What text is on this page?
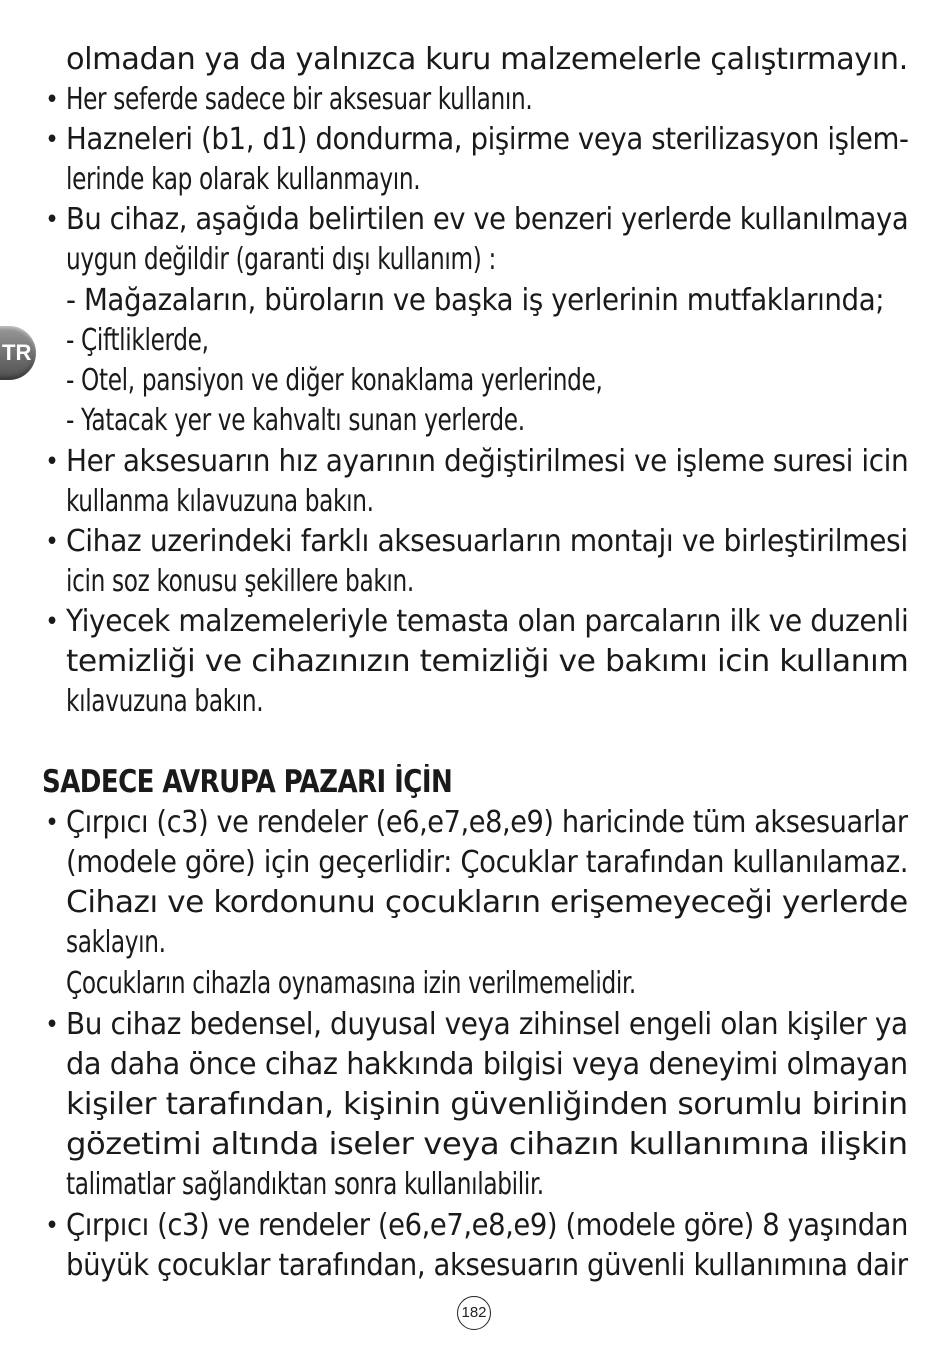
TR
olmadan ya da yalnızca kuru malzemelerle çalıştırmayın.
• Her seferde sadece bir aksesuar kullanın.
• Hazneleri (b1, d1) dondurma, pişirme veya sterilizasyon işlem-
lerinde kap olarak kullanmayın.
• Bu cihaz, aşağıda belirtilen ev ve benzeri yerlerde kullanılmaya
uygun değildir (garanti dışı kullanım) :
- Mağazaların, büroların ve başka iş yerlerinin mutfaklarında;
- Çiftliklerde,
- Otel, pansiyon ve diğer konaklama yerlerinde,
- Yatacak yer ve kahvaltı sunan yerlerde.
• Her aksesuarın hız ayarının değiştirilmesi ve işleme suresi icin
kullanma kılavuzuna bakın.
• Cihaz uzerindeki farklı aksesuarların montajı ve birleştirilmesi
icin soz konusu şekillere bakın.
• Yiyecek malzemeleriyle temasta olan parcaların ilk ve duzenli
temizliği ve cihazınızın temizliği ve bakımı icin kullanım
kılavuzuna bakın.
SADECE AVRUPA PAZARI İÇİN
• Çırpıcı (c3) ve rendeler (e6,e7,e8,e9) haricinde tüm aksesuarlar
(modele göre) için geçerlidir: Çocuklar tarafından kullanılamaz.
Cihazı ve kordonunu çocukların erişemeyeceği yerlerde
saklayın.
Çocukların cihazla oynamasına izin verilmemelidir.
• Bu cihaz bedensel, duyusal veya zihinsel engeli olan kişiler ya
da daha önce cihaz hakkında bilgisi veya deneyimi olmayan
kişiler tarafından, kişinin güvenliğinden sorumlu birinin
gözetimi altında iseler veya cihazın kullanımına ilişkin
talimatlar sağlandıktan sonra kullanılabilir.
• Çırpıcı (c3) ve rendeler (e6,e7,e8,e9) (modele göre) 8 yaşından
büyük çocuklar tarafından, aksesuarın güvenli kullanımına dair
182
